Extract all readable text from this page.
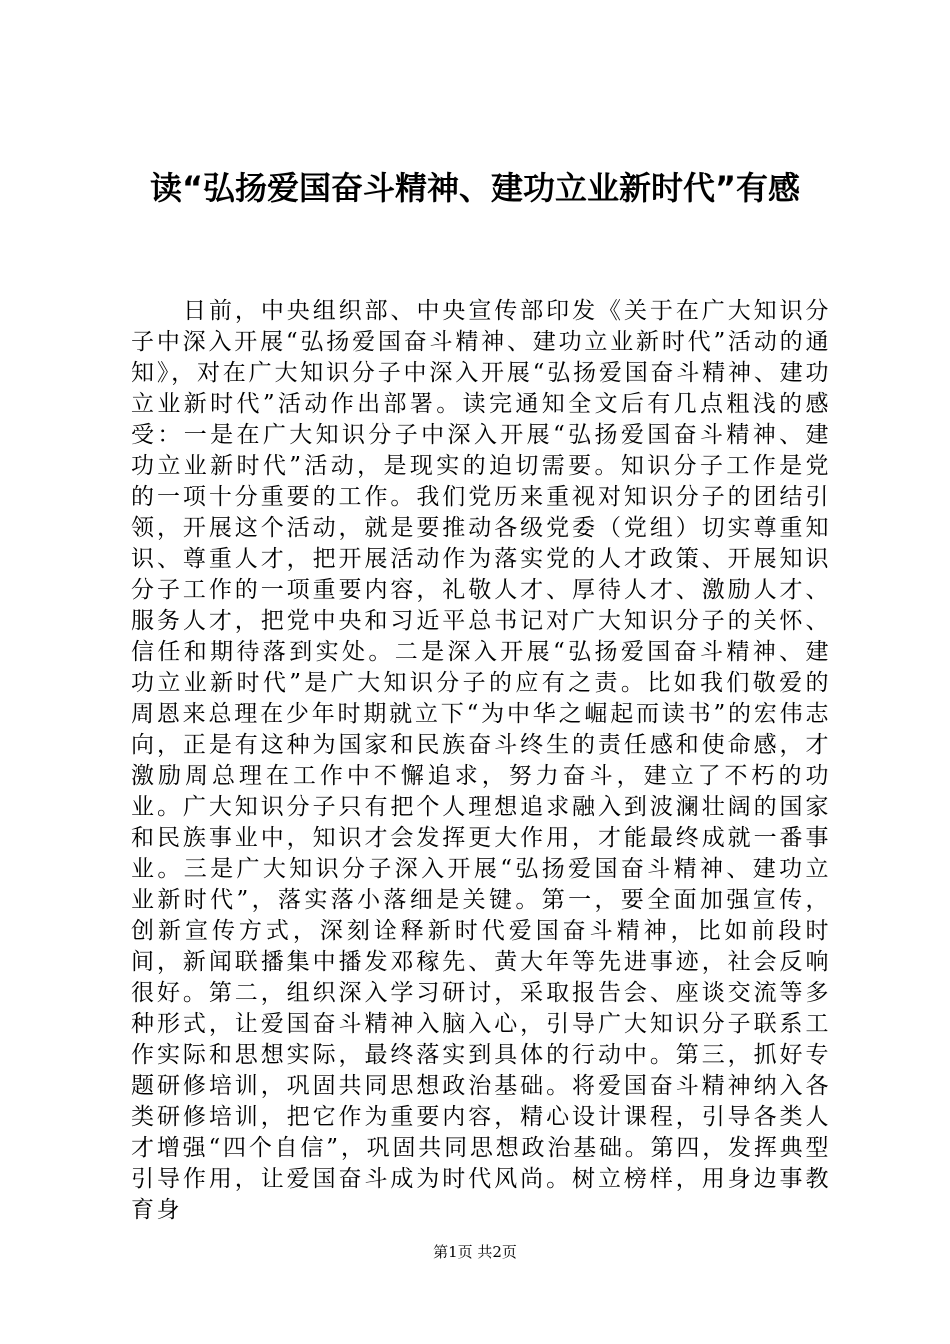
读“弘扬爱国奋斗精神、建功立业新时代”有感

日前，中央组织部、中央宣传部印发《关于在广大知识分子中深入开展“弘扬爱国奋斗精神、建功立业新时代”活动的通知》，对在广大知识分子中深入开展“弘扬爱国奋斗精神、建功立业新时代”活动作出部署。读完通知全文后有几点粗浅的感受：一是在广大知识分子中深入开展“弘扬爱国奋斗精神、建功立业新时代”活动，是现实的迫切需要。知识分子工作是党的一项十分重要的工作。我们党历来重视对知识分子的团结引领，开展这个活动，就是要推动各级党委（党组）切实尊重知识、尊重人才，把开展活动作为落实党的人才政策、开展知识分子工作的一项重要内容，礼敬人才、厚待人才、激励人才、服务人才，把党中央和习近平总书记对广大知识分子的关怀、信任和期待落到实处。二是深入开展“弘扬爱国奋斗精神、建功立业新时代”是广大知识分子的应有之责。比如我们敬爱的周恩来总理在少年时期就立下“为中华之崛起而读书”的宏伟志向，正是有这种为国家和民族奋斗终生的责任感和使命感，才激励周总理在工作中不懈追求，努力奋斗，建立了不朽的功业。广大知识分子只有把个人理想追求融入到波澜壮阔的国家和民族事业中，知识才会发挥更大作用，才能最终成就一番事业。三是广大知识分子深入开展“弘扬爱国奋斗精神、建功立业新时代”，落实落小落细是关键。第一，要全面加强宣传，创新宣传方式，深刻诠释新时代爱国奋斗精神，比如前段时间，新闻联播集中播发邓稼先、黄大年等先进事迹，社会反响很好。第二，组织深入学习研讨，采取报告会、座谈交流等多种形式，让爱国奋斗精神入脑入心，引导广大知识分子联系工作实际和思想实际，最终落实到具体的行动中。第三，抓好专题研修培训，巩固共同思想政治基础。将爱国奋斗精神纳入各类研修培训，把它作为重要内容，精心设计课程，引导各类人才增强“四个自信”，巩固共同思想政治基础。第四，发挥典型引导作用，让爱国奋斗成为时代风尚。树立榜样，用身边事教育身

第1页 共2页
